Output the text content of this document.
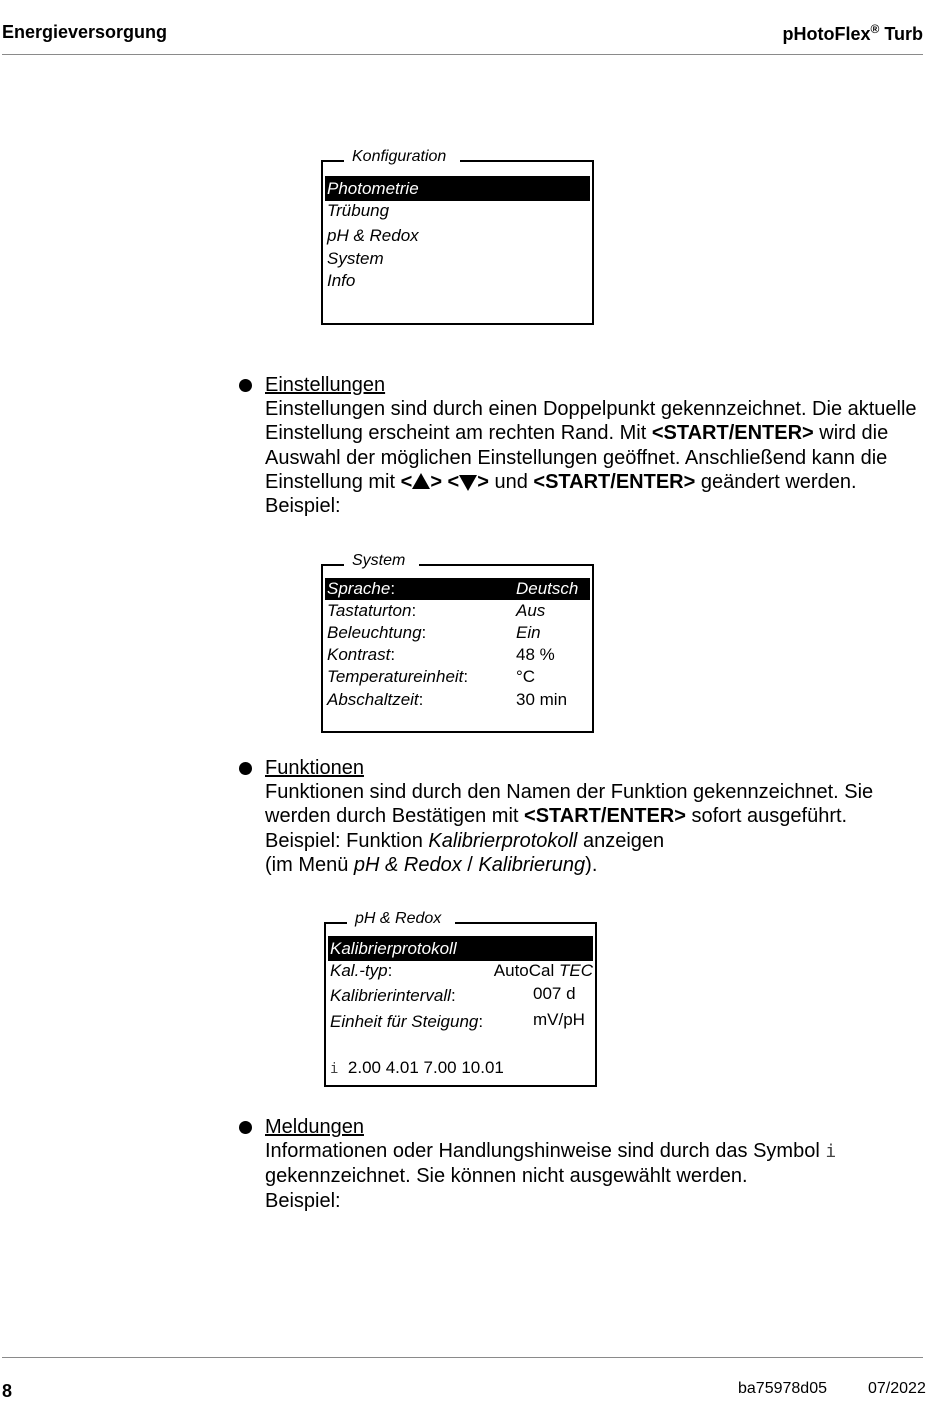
Energieversorgung	pHotoFlex® Turb
Konfiguration
Photometrie
Trübung
pH & Redox
System
Info
Einstellungen
Einstellungen sind durch einen Doppelpunkt gekennzeichnet. Die aktuelle Einstellung erscheint am rechten Rand. Mit <START/ENTER> wird die Auswahl der möglichen Einstellungen geöffnet. Anschließend kann die Einstellung mit < > < > und <START/ENTER> geändert werden.
Beispiel:
System
Sprache:	Deutsch
Tastaturton:	Aus
Beleuchtung:	Ein
Kontrast:	48 %
Temperatureinheit:	°C
Abschaltzeit:	30 min
Funktionen
Funktionen sind durch den Namen der Funktion gekennzeichnet. Sie werden durch Bestätigen mit <START/ENTER> sofort ausgeführt.
Beispiel: Funktion Kalibrierprotokoll anzeigen
(im Menü pH & Redox / Kalibrierung).
pH & Redox
Kalibrierprotokoll
Kal.-typ:	AutoCal TEC
Kalibrierintervall:	007 d
Einheit für Steigung:	mV/pH
i 2.00 4.01 7.00 10.01
Meldungen
Informationen oder Handlungshinweise sind durch das Symbol i gekennzeichnet. Sie können nicht ausgewählt werden.
Beispiel:
8	ba75978d05	07/2022
